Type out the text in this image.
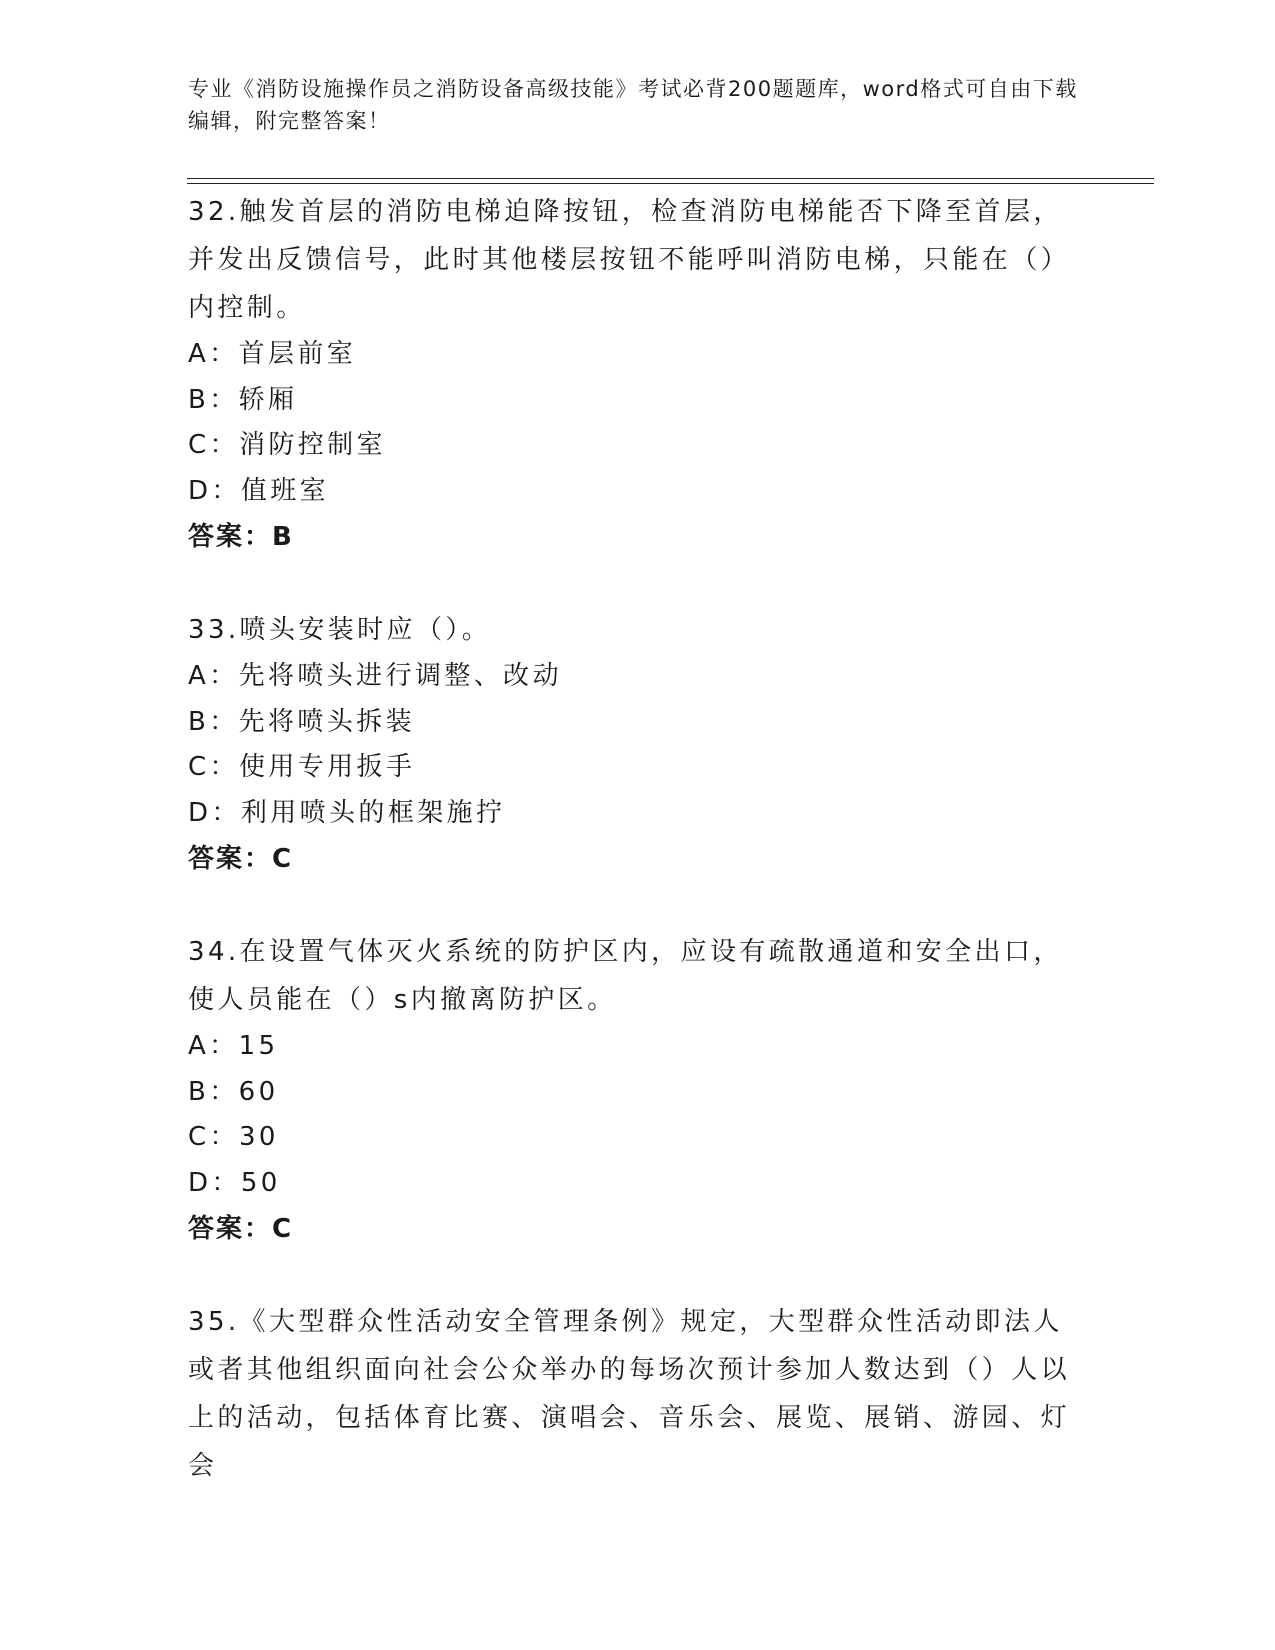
专业《消防设施操作员之消防设备高级技能》考试必背200题题库，word格式可自由下载编辑，附完整答案！
32.触发首层的消防电梯迫降按钮，检查消防电梯能否下降至首层，并发出反馈信号，此时其他楼层按钮不能呼叫消防电梯，只能在（）内控制。
A：首层前室
B：轿厢
C：消防控制室
D：值班室
答案：B
33.喷头安装时应（）。
A：先将喷头进行调整、改动
B：先将喷头拆装
C：使用专用扳手
D：利用喷头的框架施拧
答案：C
34.在设置气体灭火系统的防护区内，应设有疏散通道和安全出口，使人员能在（）s内撤离防护区。
A：15
B：60
C：30
D：50
答案：C
35.《大型群众性活动安全管理条例》规定，大型群众性活动即法人或者其他组织面向社会公众举办的每场次预计参加人数达到（）人以上的活动，包括体育比赛、演唱会、音乐会、展览、展销、游园、灯会
